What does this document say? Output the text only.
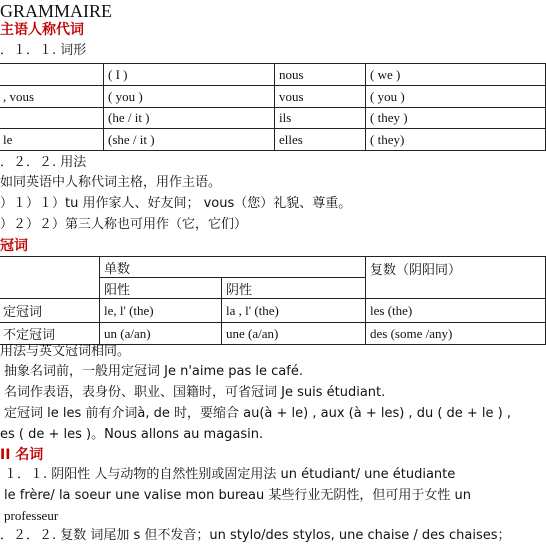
GRAMMAIRE
主语人称代词
．１．１. 词形
	( I )	nous	( we )
, vous	( you )	vous	( you )
	(he / it )	ils	( they )
le	(she / it )	elles	( they)
．２．２. 用法
如同英语中人称代词主格，用作主语。
）１）１）tu 用作家人、好友间； vous（您）礼貌、尊重。
）２）２）第三人称也可用作（它，它们）
冠词
	单数		复数（阴阳同）
	阳性	阴性	
定冠词	le, l' (the)	la , l' (the)	les (the)
不定冠词	un (a/an)	une (a/an)	des (some /any)
用法与英文冠词相同。
抽象名词前，一般用定冠词 Je n'aime pas le café.
名词作表语，表身份、职业、国籍时，可省冠词 Je suis étudiant.
定冠词 le les 前有介词à, de 时，要缩合 au(à + le) , aux (à + les) , du ( de + le ) ,
es ( de + les )。Nous allons au magasin.
II 名词
１．１. 阴阳性 人与动物的自然性别或固定用法 un étudiant/ une étudiante
le frère/ la soeur une valise mon bureau 某些行业无阴性，但可用于女性 un
professeur
．２．２. 复数 词尾加 s 但不发音；un stylo/des stylos, une chaise / des chaises；
